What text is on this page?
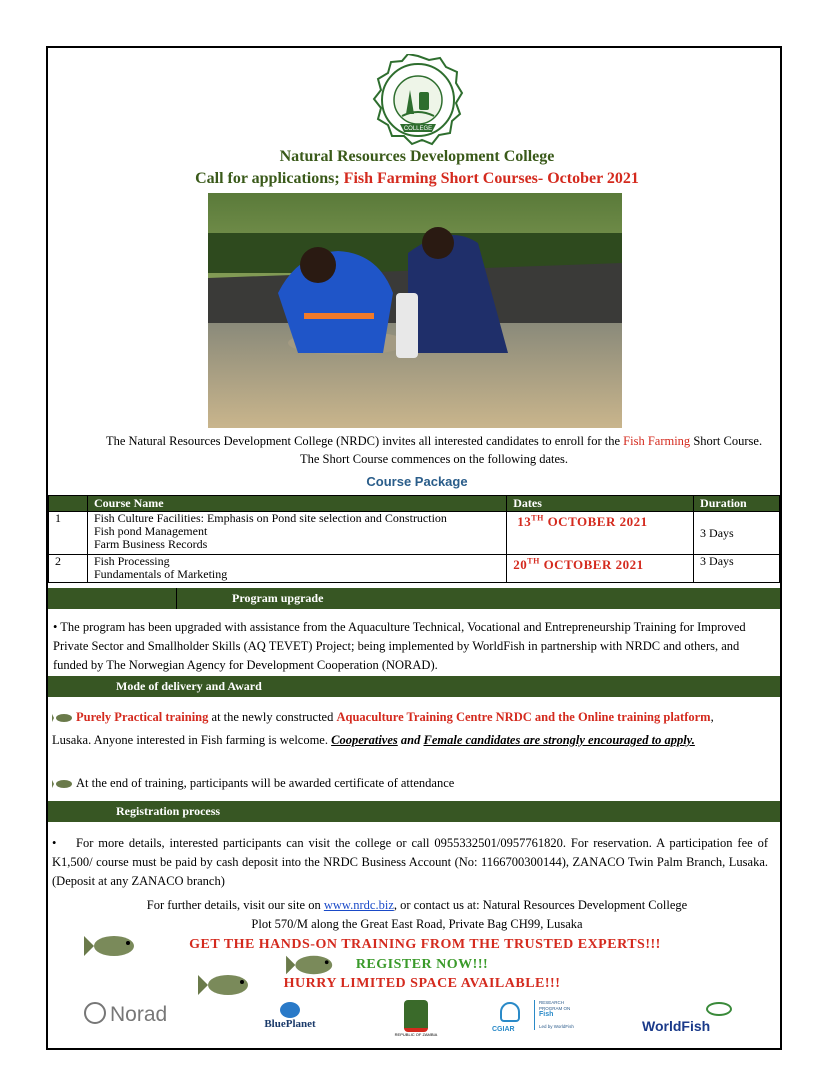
COLLEGE
Natural Resources Development College
Call for applications; Fish Farming Short Courses- October 2021
The Natural Resources Development College (NRDC) invites all interested candidates to enroll for the Fish Farming Short Course. The Short Course commences on the following dates.
Course Package
	Course Name	Dates	Duration
1	Fish Culture Facilities: Emphasis on Pond site selection and Construction
Fish pond Management
Farm Business Records	13TH OCTOBER 2021	3 Days
2	Fish Processing
Fundamentals of Marketing	20TH OCTOBER 2021	3 Days
Program upgrade
• The program has been upgraded with assistance from the Aquaculture Technical, Vocational and Entrepreneurship Training for Improved Private Sector and Smallholder Skills (AQ TEVET) Project; being implemented by WorldFish in partnership with NRDC and others, and funded by The Norwegian Agency for Development Cooperation (NORAD).
Mode of delivery and Award
Purely Practical training at the newly constructed Aquaculture Training Centre NRDC and the Online training platform, Lusaka. Anyone interested in Fish farming is welcome. Cooperatives and Female candidates are strongly encouraged to apply.
At the end of training, participants will be awarded certificate of attendance
Registration process
• For more details, interested participants can visit the college or call 0955332501/0957761820. For reservation. A participation fee of K1,500/ course must be paid by cash deposit into the NRDC Business Account (No: 1166700300144), ZANACO Twin Palm Branch, Lusaka. (Deposit at any ZANACO branch)
For further details, visit our site on www.nrdc.biz, or contact us at: Natural Resources Development College
Plot 570/M along the Great East Road, Private Bag CH99, Lusaka
GET THE HANDS-ON TRAINING FROM THE TRUSTED EXPERTS!!!
REGISTER NOW!!!
HURRY LIMITED SPACE AVAILABLE!!!
Norad	BluePlanet
REPUBLIC OF ZAMBIA
CGIAR
RESEARCH PROGRAM ON
Fish
Led by WorldFish	WorldFish
